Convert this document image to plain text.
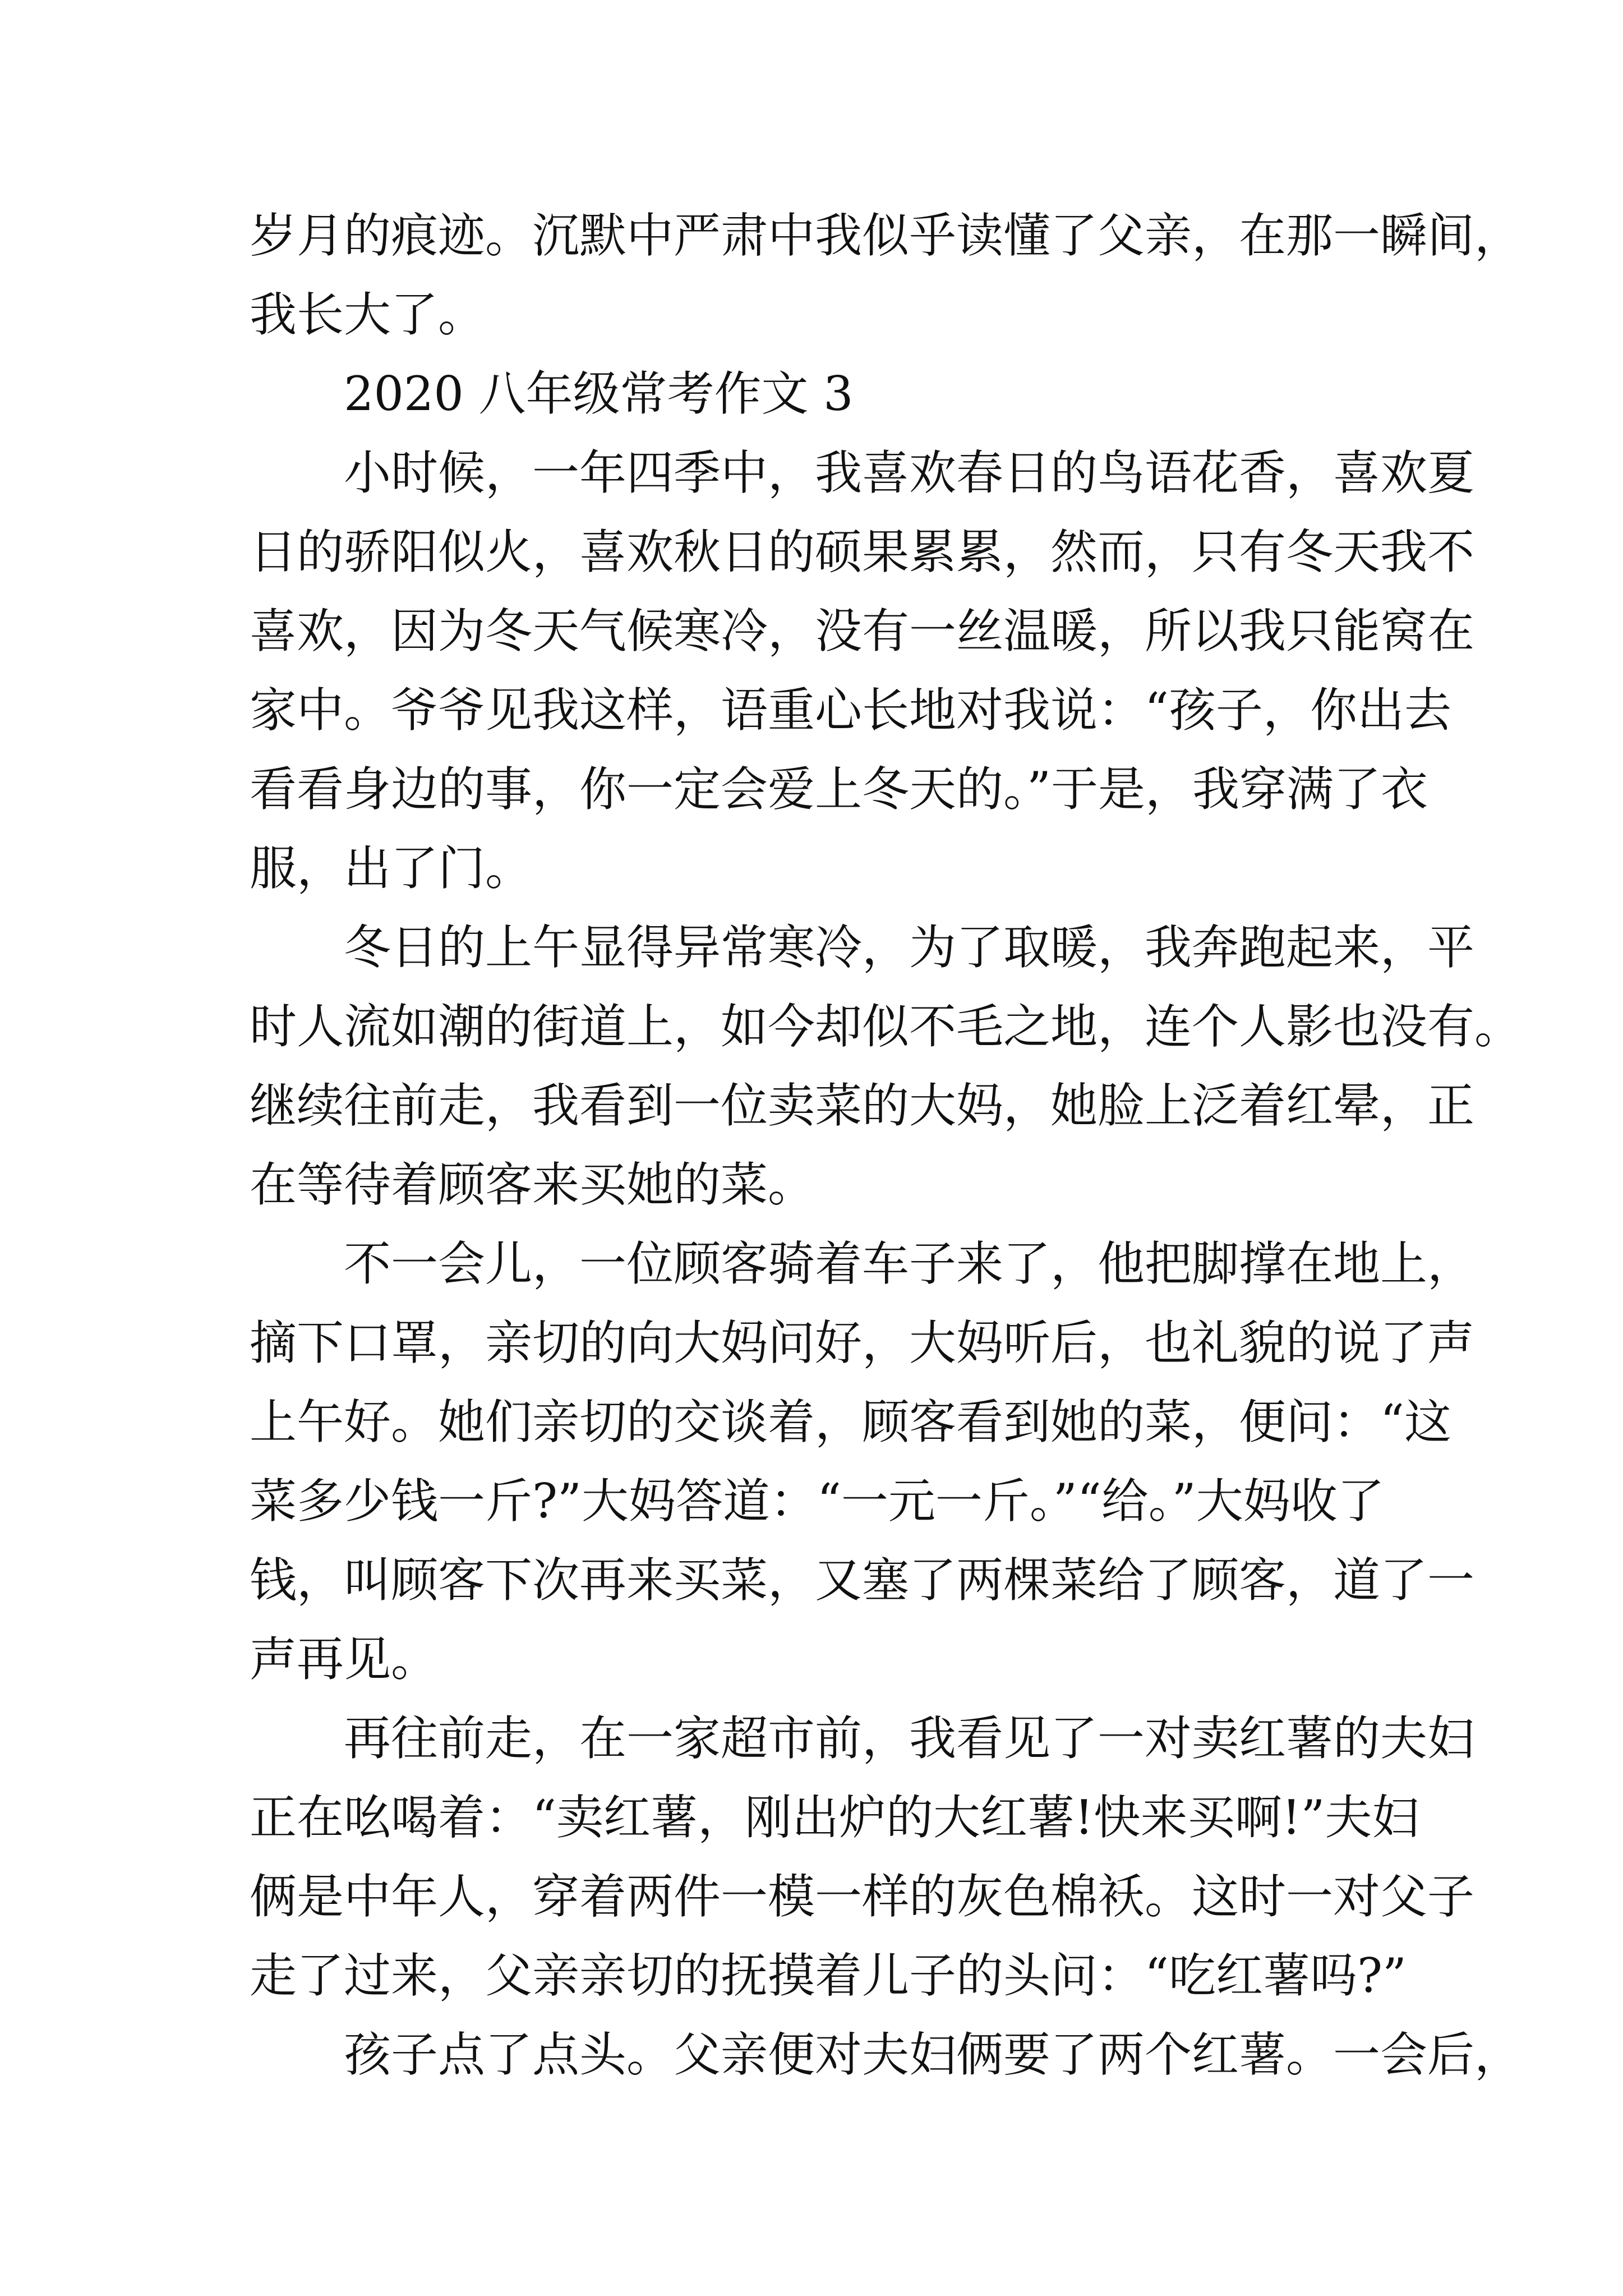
岁月的痕迹。沉默中严肃中我似乎读懂了父亲，在那一瞬间，
我长大了。
2020 八年级常考作文 3
小时候，一年四季中，我喜欢春日的鸟语花香，喜欢夏
日的骄阳似火，喜欢秋日的硕果累累，然而，只有冬天我不
喜欢，因为冬天气候寒冷，没有一丝温暖，所以我只能窝在
家中。爷爷见我这样，语重心长地对我说：“孩子，你出去
看看身边的事，你一定会爱上冬天的。”于是，我穿满了衣
服，出了门。
冬日的上午显得异常寒冷，为了取暖，我奔跑起来，平
时人流如潮的街道上，如今却似不毛之地，连个人影也没有。
继续往前走，我看到一位卖菜的大妈，她脸上泛着红晕，正
在等待着顾客来买她的菜。
不一会儿，一位顾客骑着车子来了，他把脚撑在地上，
摘下口罩，亲切的向大妈问好，大妈听后，也礼貌的说了声
上午好。她们亲切的交谈着，顾客看到她的菜，便问：“这
菜多少钱一斤?”大妈答道：“一元一斤。”“给。”大妈收了
钱，叫顾客下次再来买菜，又塞了两棵菜给了顾客，道了一
声再见。
再往前走，在一家超市前，我看见了一对卖红薯的夫妇
正在吆喝着：“卖红薯，刚出炉的大红薯!快来买啊!”夫妇
俩是中年人，穿着两件一模一样的灰色棉袄。这时一对父子
走了过来，父亲亲切的抚摸着儿子的头问：“吃红薯吗?”
孩子点了点头。父亲便对夫妇俩要了两个红薯。一会后，
